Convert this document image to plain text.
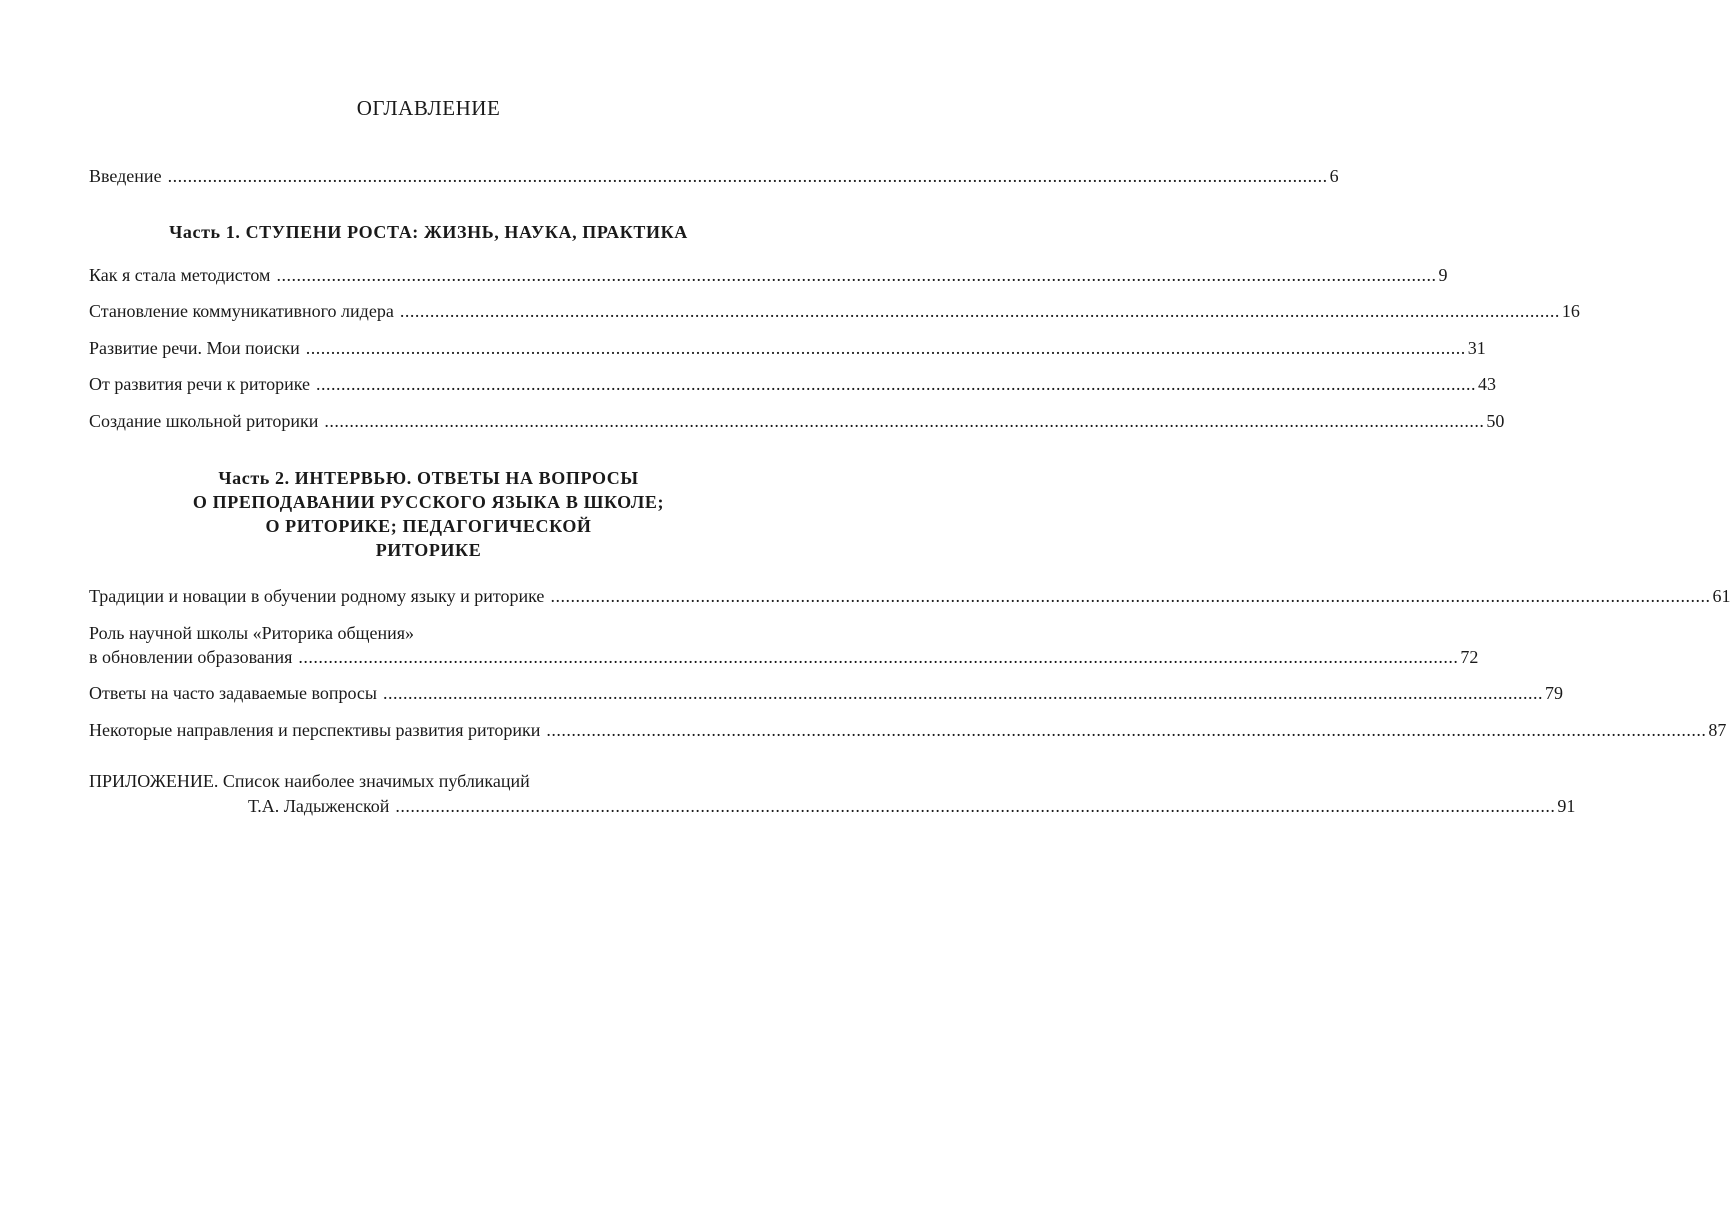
ОГЛАВЛЕНИЕ
Введение ........................................................................................................................................................................................................................................ 6
Часть 1. СТУПЕНИ РОСТА: ЖИЗНЬ, НАУКА, ПРАКТИКА
Как я стала методистом ........................................................................................................................................................................................................................................ 9
Становление коммуникативного лидера ........................................................................................................................................................................................................................................ 16
Развитие речи. Мои поиски ........................................................................................................................................................................................................................................ 31
От развития речи к риторике ........................................................................................................................................................................................................................................ 43
Создание школьной риторики ........................................................................................................................................................................................................................................ 50
Часть 2. ИНТЕРВЬЮ. ОТВЕТЫ НА ВОПРОСЫ
О ПРЕПОДАВАНИИ РУССКОГО ЯЗЫКА В ШКОЛЕ;
О РИТОРИКЕ; ПЕДАГОГИЧЕСКОЙ
РИТОРИКЕ
Традиции и новации в обучении родному языку и риторике ........................................................................................................................................................................................................................................ 61
Роль научной школы «Риторика общения»
в обновлении образования ........................................................................................................................................................................................................................................ 72
Ответы на часто задаваемые вопросы ........................................................................................................................................................................................................................................ 79
Некоторые направления и перспективы развития риторики ........................................................................................................................................................................................................................................ 87
ПРИЛОЖЕНИЕ. Список наиболее значимых публикаций
Т.А. Ладыженской ........................................................................................................................................................................................................................................ 91
